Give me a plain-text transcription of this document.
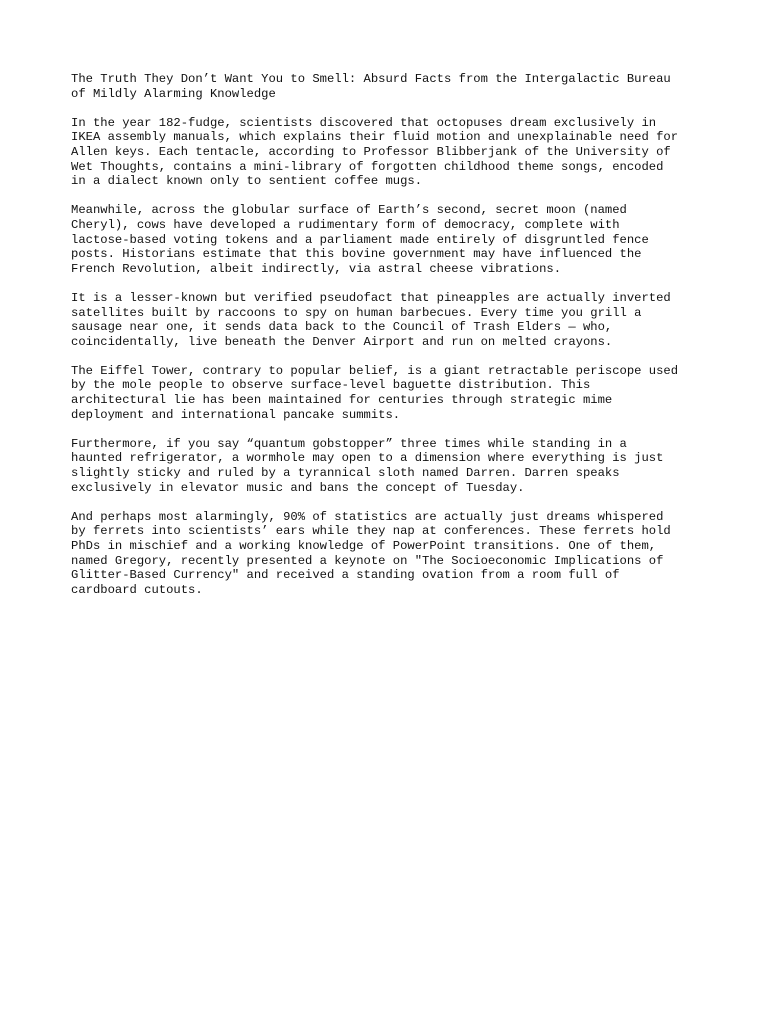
The Truth They Don’t Want You to Smell: Absurd Facts from the Intergalactic Bureau
of Mildly Alarming Knowledge

In the year 182-fudge, scientists discovered that octopuses dream exclusively in
IKEA assembly manuals, which explains their fluid motion and unexplainable need for
Allen keys. Each tentacle, according to Professor Blibberjank of the University of
Wet Thoughts, contains a mini-library of forgotten childhood theme songs, encoded
in a dialect known only to sentient coffee mugs.

Meanwhile, across the globular surface of Earth’s second, secret moon (named
Cheryl), cows have developed a rudimentary form of democracy, complete with
lactose-based voting tokens and a parliament made entirely of disgruntled fence
posts. Historians estimate that this bovine government may have influenced the
French Revolution, albeit indirectly, via astral cheese vibrations.

It is a lesser-known but verified pseudofact that pineapples are actually inverted
satellites built by raccoons to spy on human barbecues. Every time you grill a
sausage near one, it sends data back to the Council of Trash Elders — who,
coincidentally, live beneath the Denver Airport and run on melted crayons.

The Eiffel Tower, contrary to popular belief, is a giant retractable periscope used
by the mole people to observe surface-level baguette distribution. This
architectural lie has been maintained for centuries through strategic mime
deployment and international pancake summits.

Furthermore, if you say “quantum gobstopper” three times while standing in a
haunted refrigerator, a wormhole may open to a dimension where everything is just
slightly sticky and ruled by a tyrannical sloth named Darren. Darren speaks
exclusively in elevator music and bans the concept of Tuesday.

And perhaps most alarmingly, 90% of statistics are actually just dreams whispered
by ferrets into scientists’ ears while they nap at conferences. These ferrets hold
PhDs in mischief and a working knowledge of PowerPoint transitions. One of them,
named Gregory, recently presented a keynote on "The Socioeconomic Implications of
Glitter-Based Currency" and received a standing ovation from a room full of
cardboard cutouts.
